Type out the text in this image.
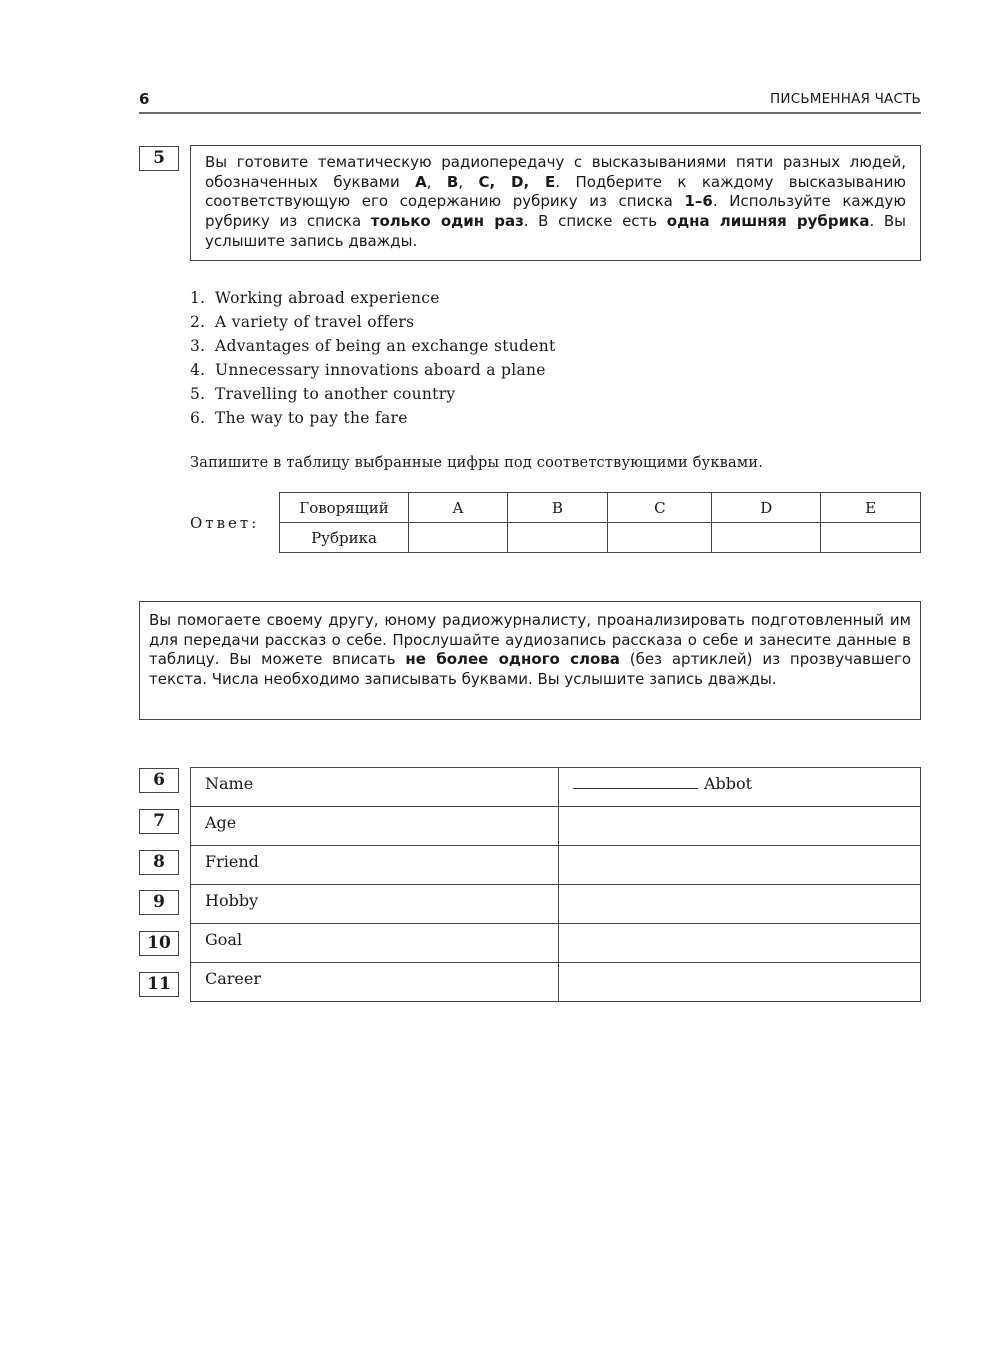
6	ПИСЬМЕННАЯ ЧАСТЬ
5	Вы готовите тематическую радиопередачу с высказываниями пяти разных людей, обозначенных буквами A, B, C, D, E. Подберите к каждому высказыванию соответствующую его содержанию рубрику из списка 1–6. Используйте каждую рубрику из списка только один раз. В списке есть одна лишняя рубрика. Вы услышите запись дважды.
1. Working abroad experience
2. A variety of travel offers
3. Advantages of being an exchange student
4. Unnecessary innovations aboard a plane
5. Travelling to another country
6. The way to pay the fare
Запишите в таблицу выбранные цифры под соответствующими буквами.
Ответ:
Говорящий	A	B	C	D	E
Рубрика					
Вы помогаете своему другу, юному радиожурналисту, проанализировать подготовленный им для передачи рассказ о себе. Прослушайте аудиозапись рассказа о себе и занесите данные в таблицу. Вы можете вписать не более одного слова (без артиклей) из прозвучавшего текста. Числа необходимо записывать буквами. Вы услышите запись дважды.
6
7
8
9
10
11
Name	Abbot
Age	
Friend	
Hobby	
Goal	
Career	
